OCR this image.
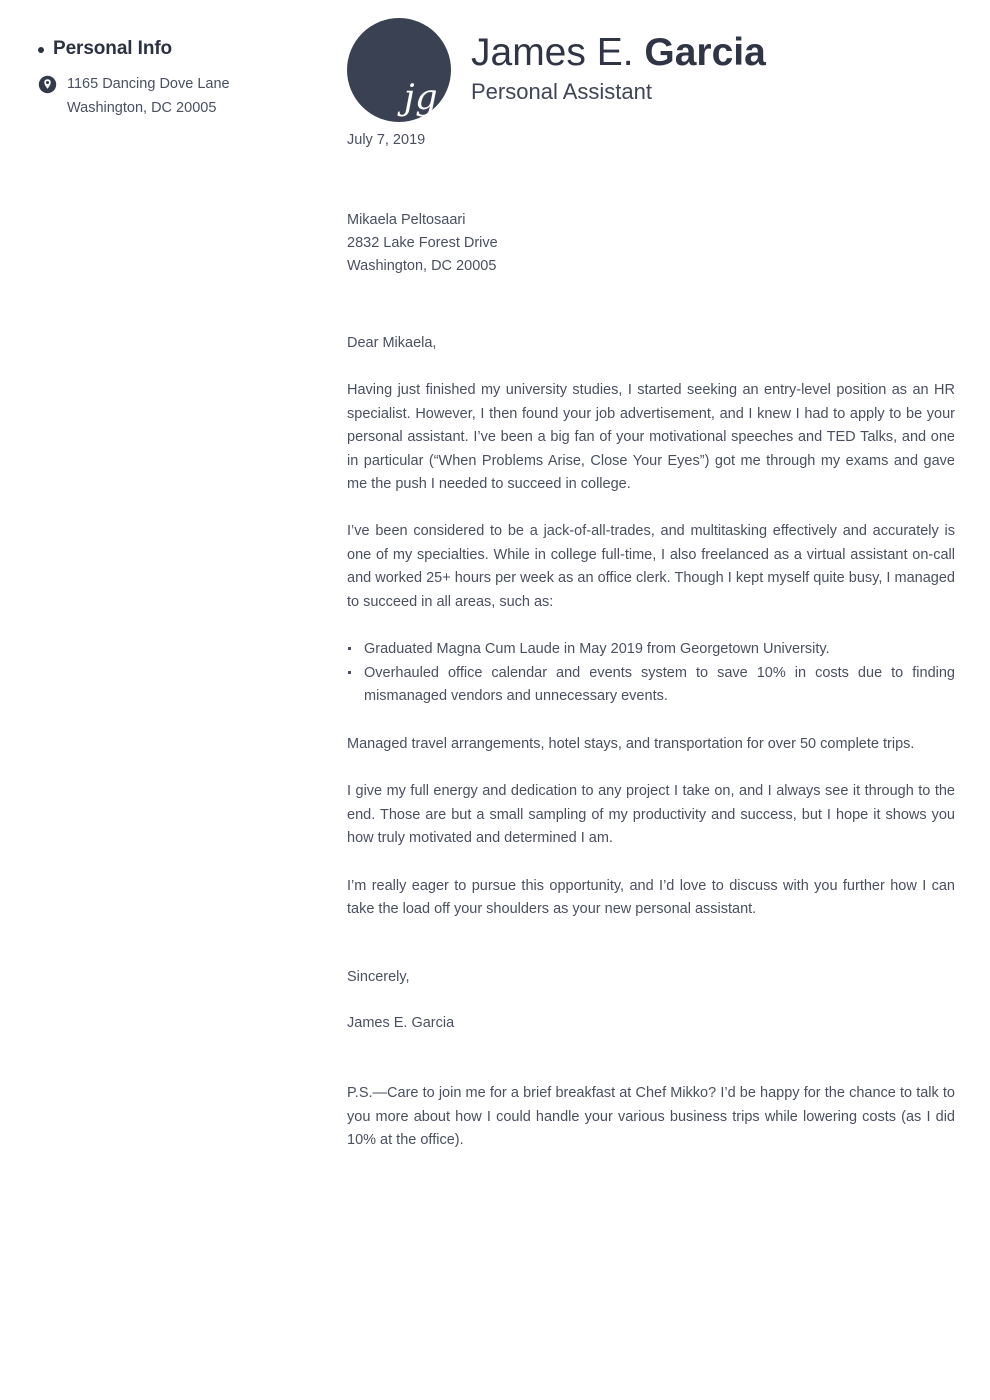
Personal Info
1165 Dancing Dove Lane
Washington, DC 20005	jg
James E. Garcia
Personal Assistant
July 7, 2019
Mikaela Peltosaari
2832 Lake Forest Drive
Washington, DC 20005
Dear Mikaela,

Having just finished my university studies, I started seeking an entry-level position as an HR specialist. However, I then found your job advertisement, and I knew I had to apply to be your personal assistant. I’ve been a big fan of your motivational speeches and TED Talks, and one in particular (“When Problems Arise, Close Your Eyes”) got me through my exams and gave me the push I needed to succeed in college.

I’ve been considered to be a jack-of-all-trades, and multitasking effectively and accurately is one of my specialties. While in college full-time, I also freelanced as a virtual assistant on-call and worked 25+ hours per week as an office clerk. Though I kept myself quite busy, I managed to succeed in all areas, such as:

Graduated Magna Cum Laude in May 2019 from Georgetown University.
Overhauled office calendar and events system to save 10% in costs due to finding mismanaged vendors and unnecessary events.

Managed travel arrangements, hotel stays, and transportation for over 50 complete trips.

I give my full energy and dedication to any project I take on, and I always see it through to the end. Those are but a small sampling of my productivity and success, but I hope it shows you how truly motivated and determined I am.

I’m really eager to pursue this opportunity, and I’d love to discuss with you further how I can take the load off your shoulders as your new personal assistant.

Sincerely,
James E. Garcia

P.S.—Care to join me for a brief breakfast at Chef Mikko? I’d be happy for the chance to talk to you more about how I could handle your various business trips while lowering costs (as I did 10% at the office).
